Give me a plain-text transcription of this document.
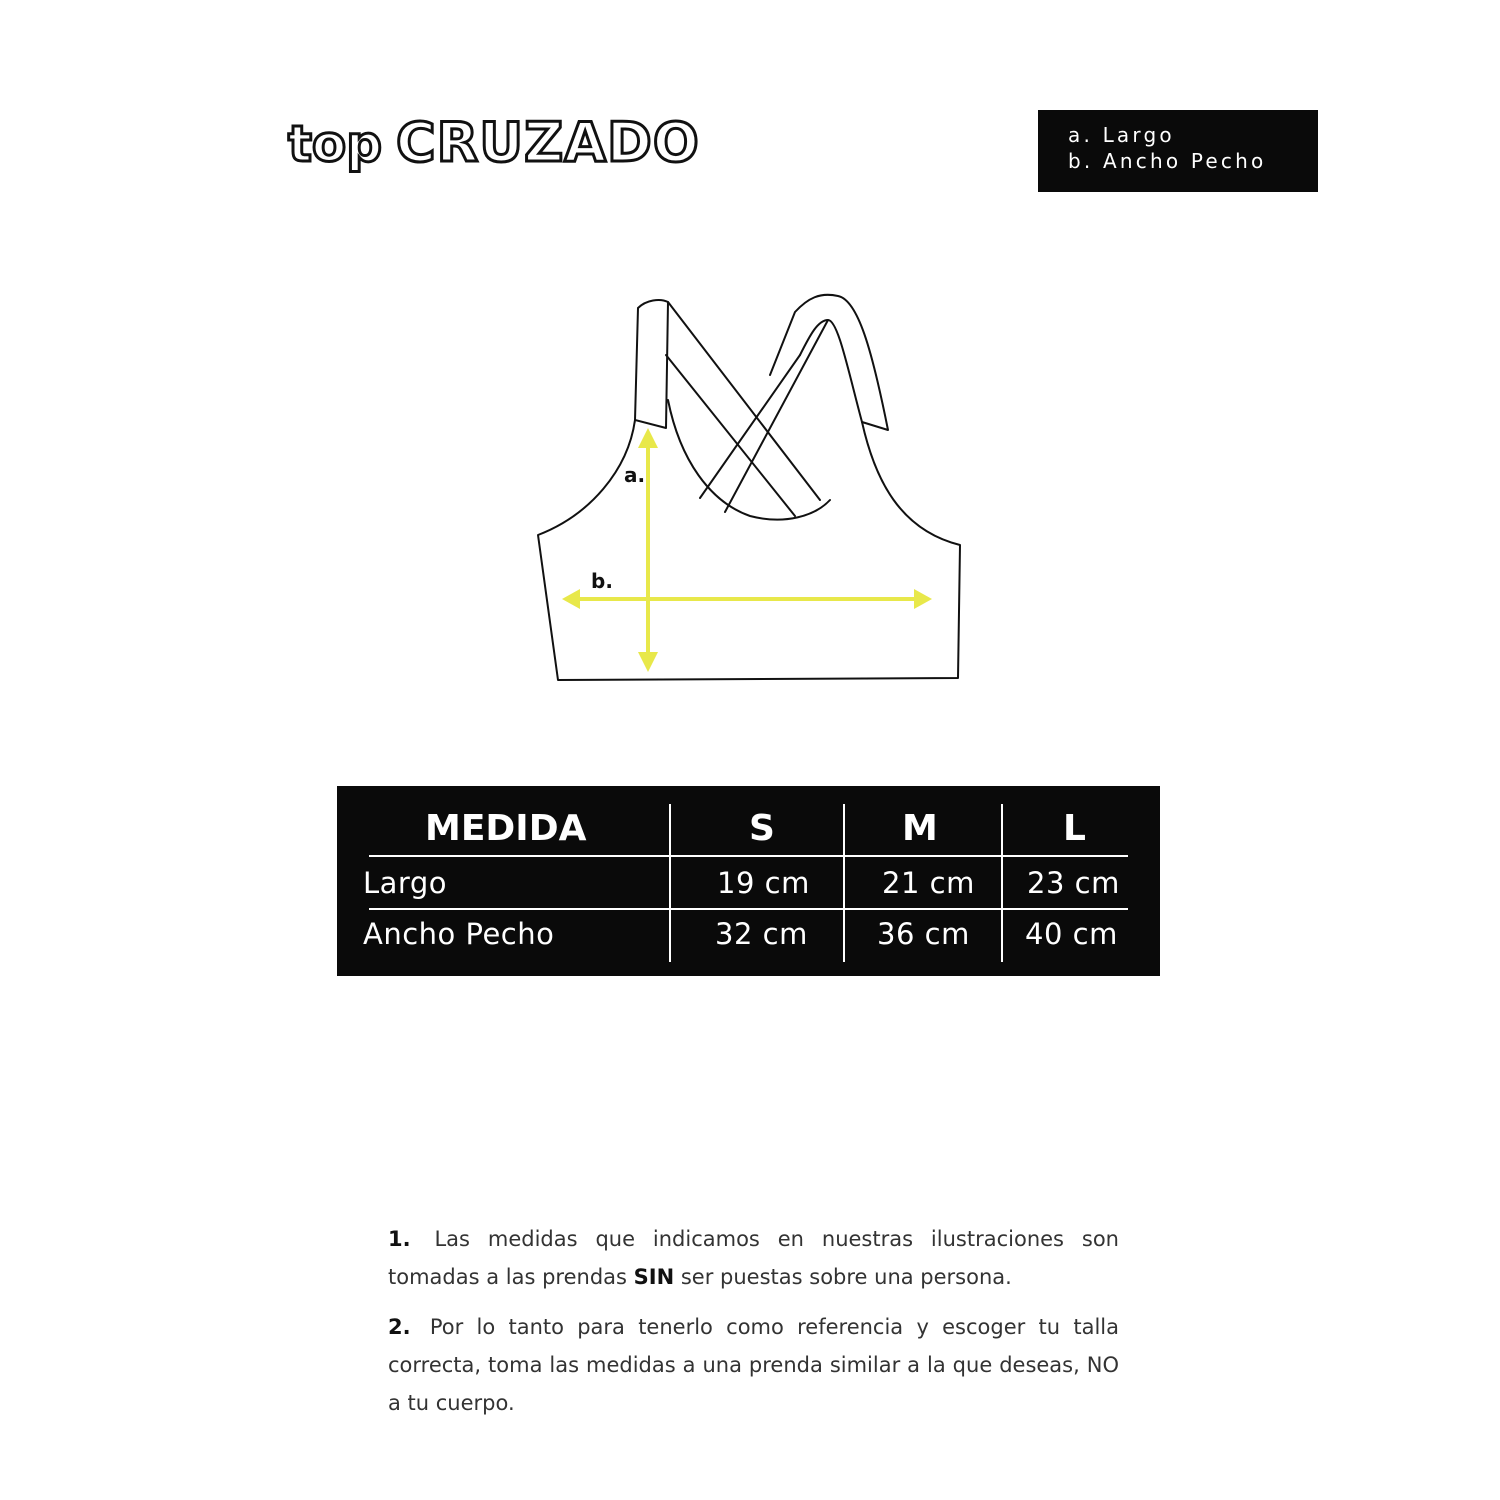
top CRUZADO	a. Largo
b. Ancho Pecho
a.
b.
MEDIDA	S	M	L
Largo	19 cm 21 cm 23 cm
Ancho Pecho	32 cm 36 cm 40 cm

1. Las medidas que indicamos en nuestras ilustraciones son tomadas a las prendas SIN ser puestas sobre una persona.

2. Por lo tanto para tenerlo como referencia y escoger tu talla correcta, toma las medidas a una prenda similar a la que deseas, NO a tu cuerpo.
